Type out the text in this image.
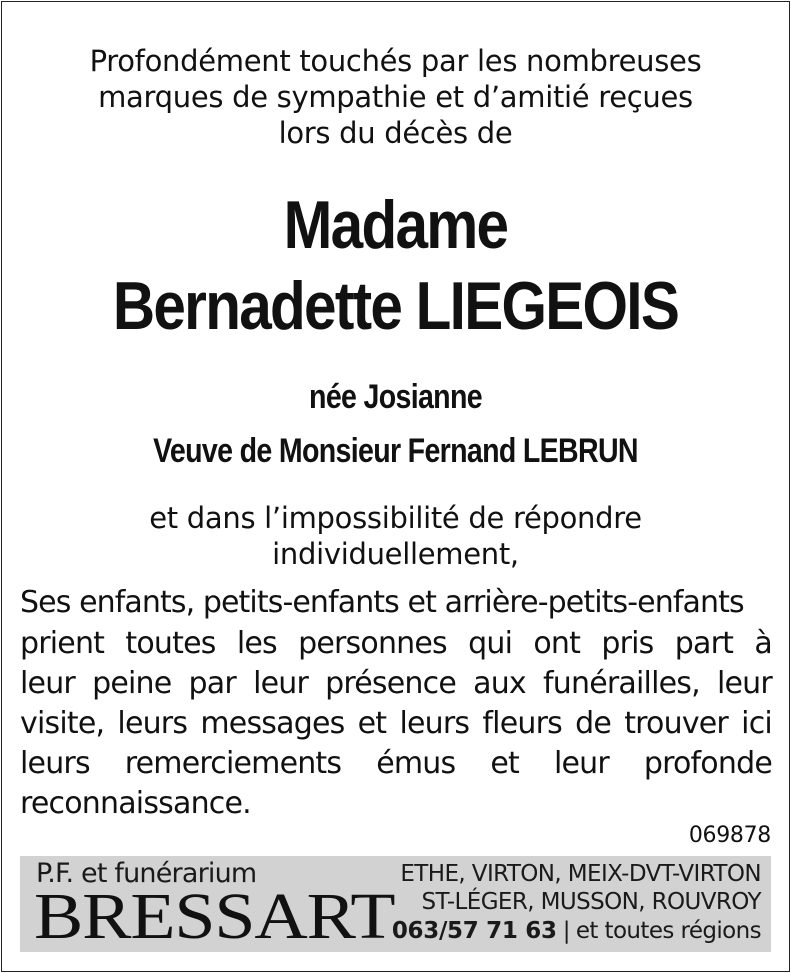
Profondément touchés par les nombreuses
marques de sympathie et d’amitié reçues
lors du décès de
Madame
Bernadette LIEGEOIS
née Josianne
Veuve de Monsieur Fernand LEBRUN
et dans l’impossibilité de répondre
individuellement,
Ses enfants, petits-enfants et arrière-petits-enfants
prient toutes les personnes qui ont pris part à
leur peine par leur présence aux funérailles, leur
visite, leurs messages et leurs fleurs de trouver ici
leurs remerciements émus et leur profonde
reconnaissance.
069878
P.F. et funérarium
BRESSART
ETHE, VIRTON, MEIX-DVT-VIRTON
ST-LÉGER, MUSSON, ROUVROY
063/57 71 63 | et toutes régions
